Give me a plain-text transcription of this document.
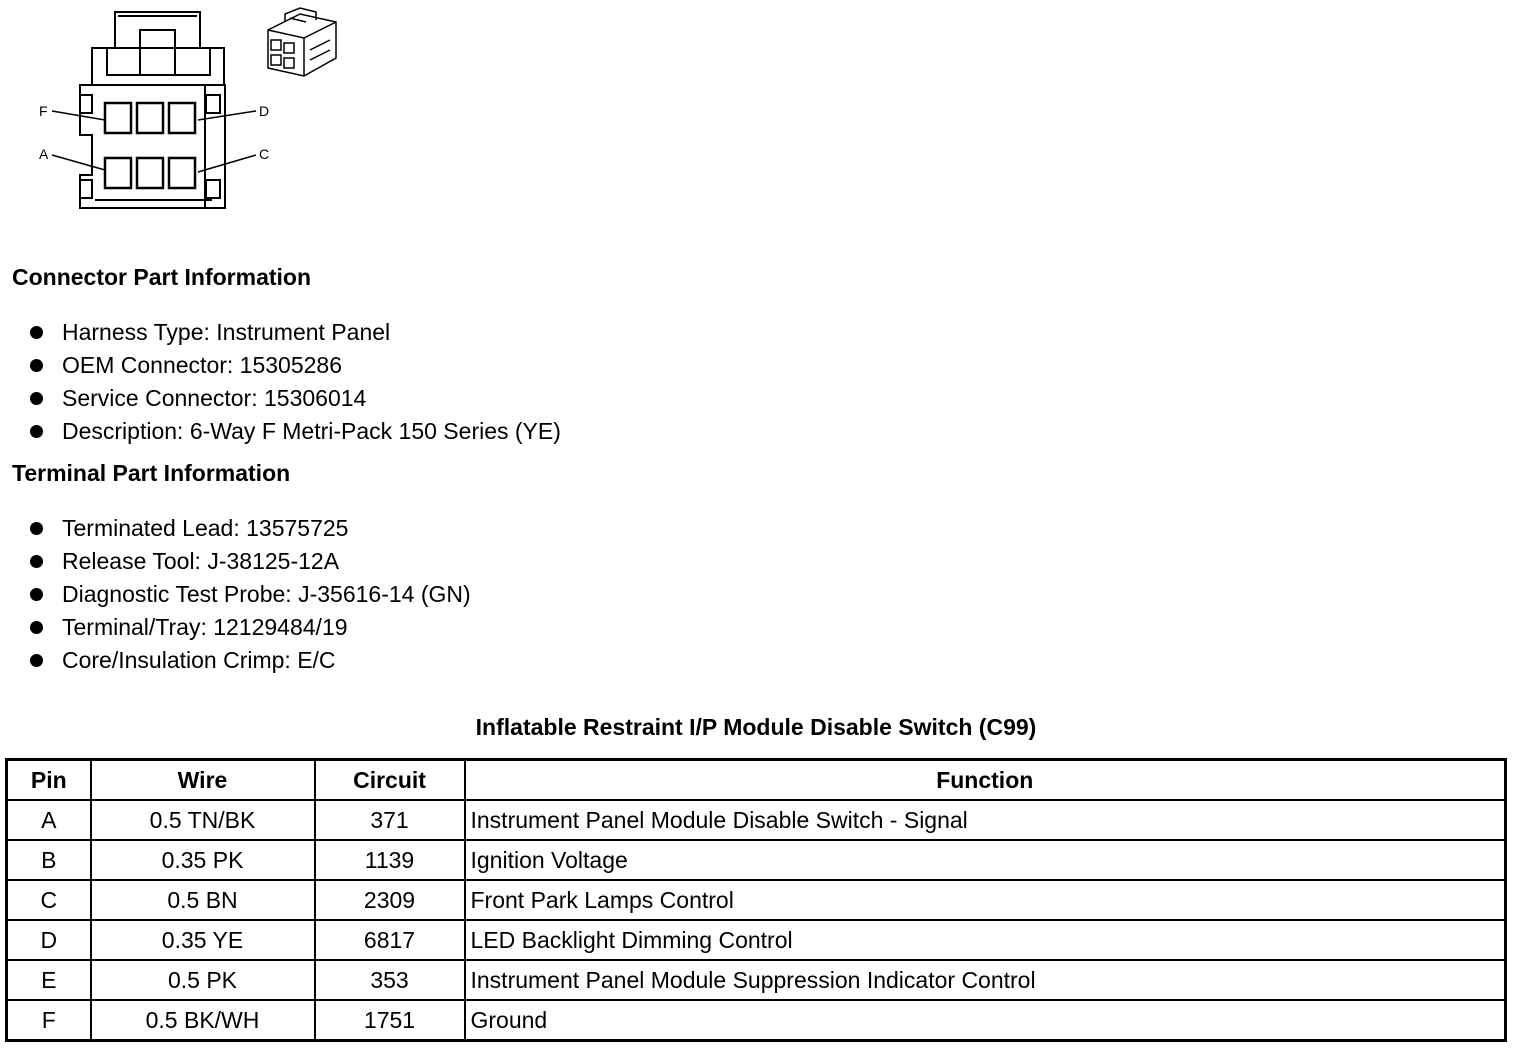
F
A
D
C
Connector Part Information
Harness Type: Instrument Panel
OEM Connector: 15305286
Service Connector: 15306014
Description: 6-Way F Metri-Pack 150 Series (YE)
Terminal Part Information
Terminated Lead: 13575725
Release Tool: J-38125-12A
Diagnostic Test Probe: J-35616-14 (GN)
Terminal/Tray: 12129484/19
Core/Insulation Crimp: E/C
Inflatable Restraint I/P Module Disable Switch (C99)
Pin	Wire	Circuit	Function
A	0.5 TN/BK	371	Instrument Panel Module Disable Switch - Signal
B	0.35 PK	1139	Ignition Voltage
C	0.5 BN	2309	Front Park Lamps Control
D	0.35 YE	6817	LED Backlight Dimming Control
E	0.5 PK	353	Instrument Panel Module Suppression Indicator Control
F	0.5 BK/WH	1751	Ground
